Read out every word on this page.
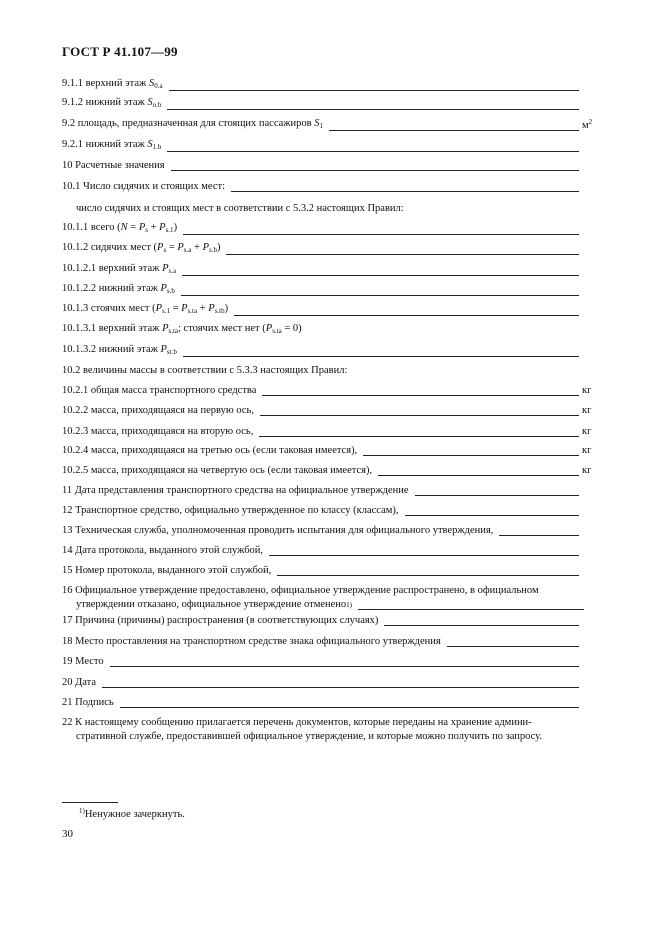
ГОСТ Р 41.107—99
9.1.1 верхний этаж $S_{0.a}$
9.1.2 нижний этаж $S_{o.b}$
9.2 площадь, предназначенная для стоящих пассажиров $S_1$	$м^2$
9.2.1 нижний этаж $S_{1.b}$
10 Расчетные значения
10.1 Число сидячих и стоящих мест:
число сидячих и стоящих мест в соответствии с 5.3.2 настоящих Правил:
10.1.1 всего $(N = P_s + P_{s.1})$
10.1.2 сидячих мест $(P_s = P_{s.a} + P_{s.b})$
10.1.2.1 верхний этаж $P_{s.a}$
10.1.2.2 нижний этаж $P_{s.b}$
10.1.3 стоячих мест $(P_{s.1} = P_{s.ta} + P_{s.tb})$
10.1.3.1 верхний этаж $P_{s.ta}$; стоячих мест нет $(P_{s.ta} = 0)$
10.1.3.2 нижний этаж $P_{st.b}$
10.2 величины массы в соответствии с 5.3.3 настоящих Правил:
10.2.1 общая масса транспортного средства	кг
10.2.2 масса, приходящаяся на первую ось,	кг
10.2.3 масса, приходящаяся на вторую ось,	кг
10.2.4 масса, приходящаяся на третью ось (если таковая имеется),	кг
10.2.5 масса, приходящаяся на четвертую ось (если таковая имеется),	кг
11 Дата представления транспортного средства на официальное утверждение
12 Транспортное средство, официально утвержденное по классу (классам),
13 Техническая служба, уполномоченная проводить испытания для официального утверждения,
14 Дата протокола, выданного этой службой,
15 Номер протокола, выданного этой службой,
16 Официальное утверждение предоставлено, официальное утверждение распространено, в официальном
утверждении отказано, официальное утверждение отменено 1)
17 Причина (причины) распространения (в соответствующих случаях)
18 Место проставления на транспортном средстве знака официального утверждения
19 Место
20 Дата
21 Подпись
22 К настоящему сообщению прилагается перечень документов, которые переданы на хранение админи-
стративной службе, предоставившей официальное утверждение, и которые можно получить по запросу.
$^{1)}$Ненужное зачеркнуть.
30
